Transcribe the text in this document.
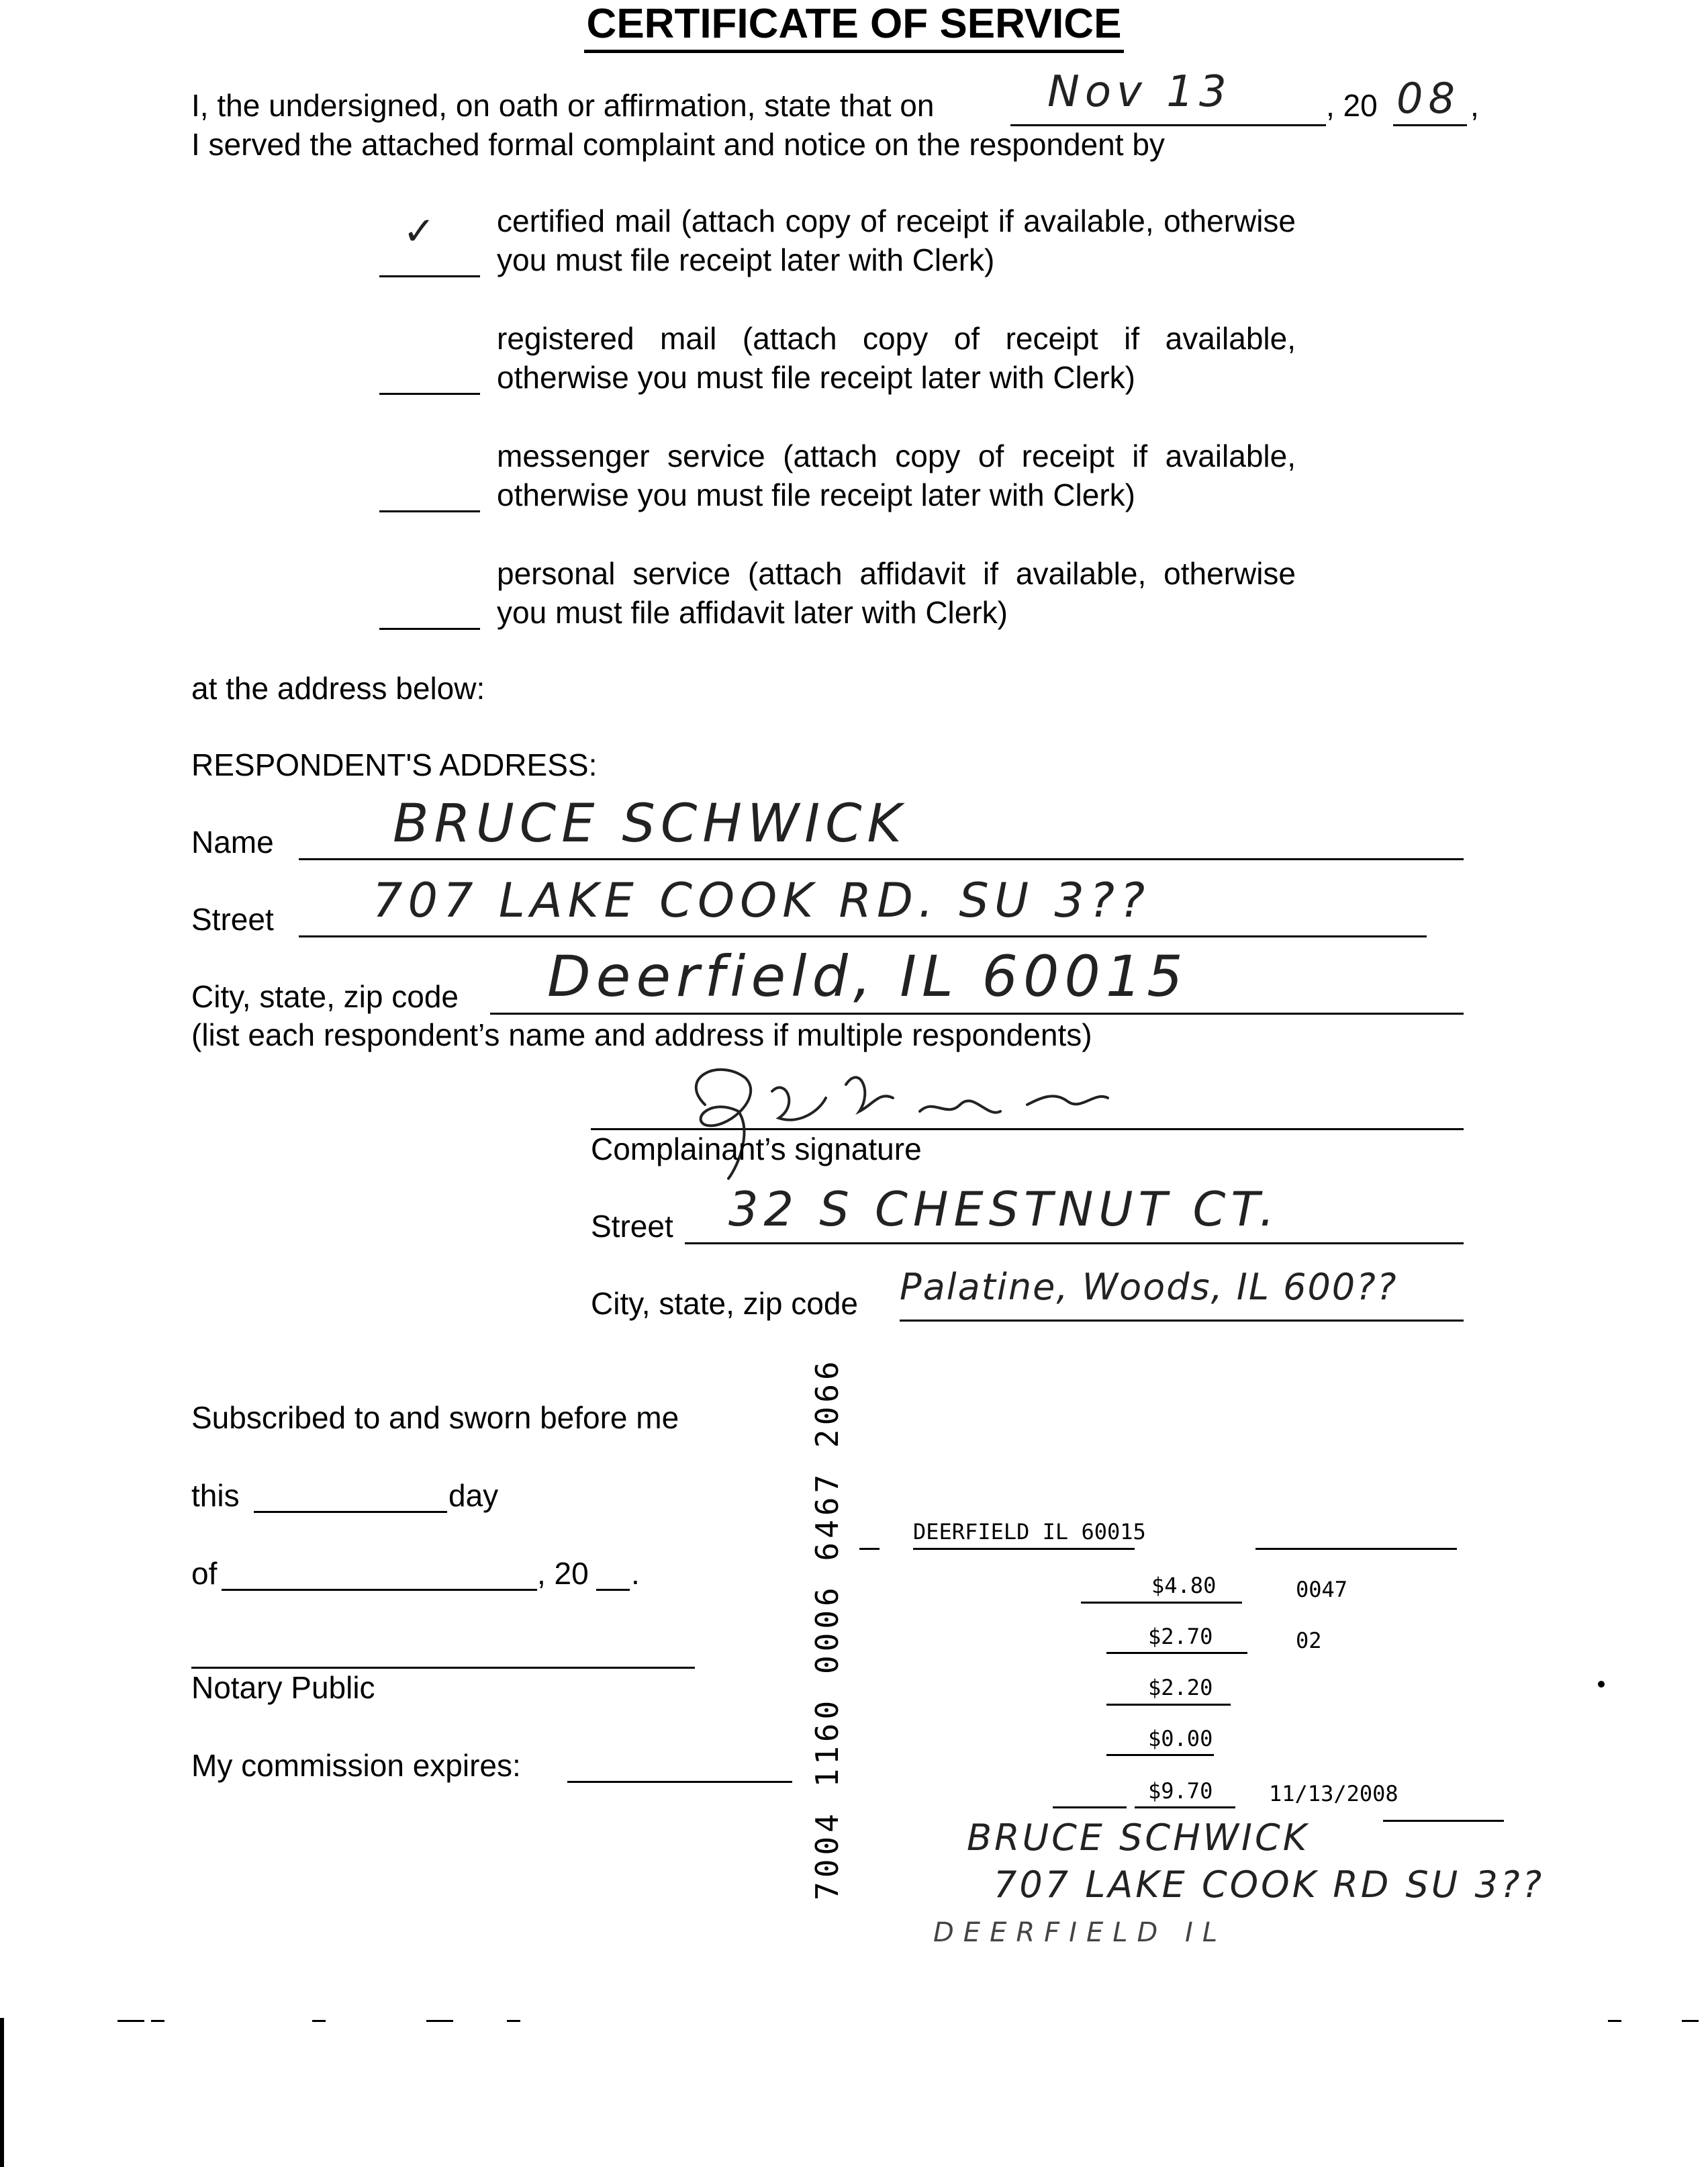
CERTIFICATE OF SERVICE
I, the undersigned, on oath or affirmation, state that on	Nov 13	, 20 08 ,
I served the attached formal complaint and notice on the respondent by
✓ certified mail (attach copy of receipt if available, otherwise you must file receipt later with Clerk)
registered mail (attach copy of receipt if available, otherwise you must file receipt later with Clerk)
messenger service (attach copy of receipt if available, otherwise you must file receipt later with Clerk)
personal service (attach affidavit if available, otherwise you must file affidavit later with Clerk)
at the address below:
RESPONDENT'S ADDRESS:
Name BRUCE SCHWICK
Street 707 LAKE COOK RD. SU 3??
City, state, zip code Deerfield, IL 60015
(list each respondent’s name and address if multiple respondents)
Complainant’s signature
Street 32 S CHESTNUT CT.
City, state, zip code Palatine, Woods, IL 600??
Subscribed to and sworn before me
this	day
of	, 20 .
Notary Public
My commission expires:	7004 1160 0006 6467 2066	DEERFIELD IL 60015
$4.80	0047
$2.70	02
$2.20
$0.00
$9.70	11/13/2008
BRUCE SCHWICK
707 LAKE COOK RD SU 3??
DEERFIELD IL
